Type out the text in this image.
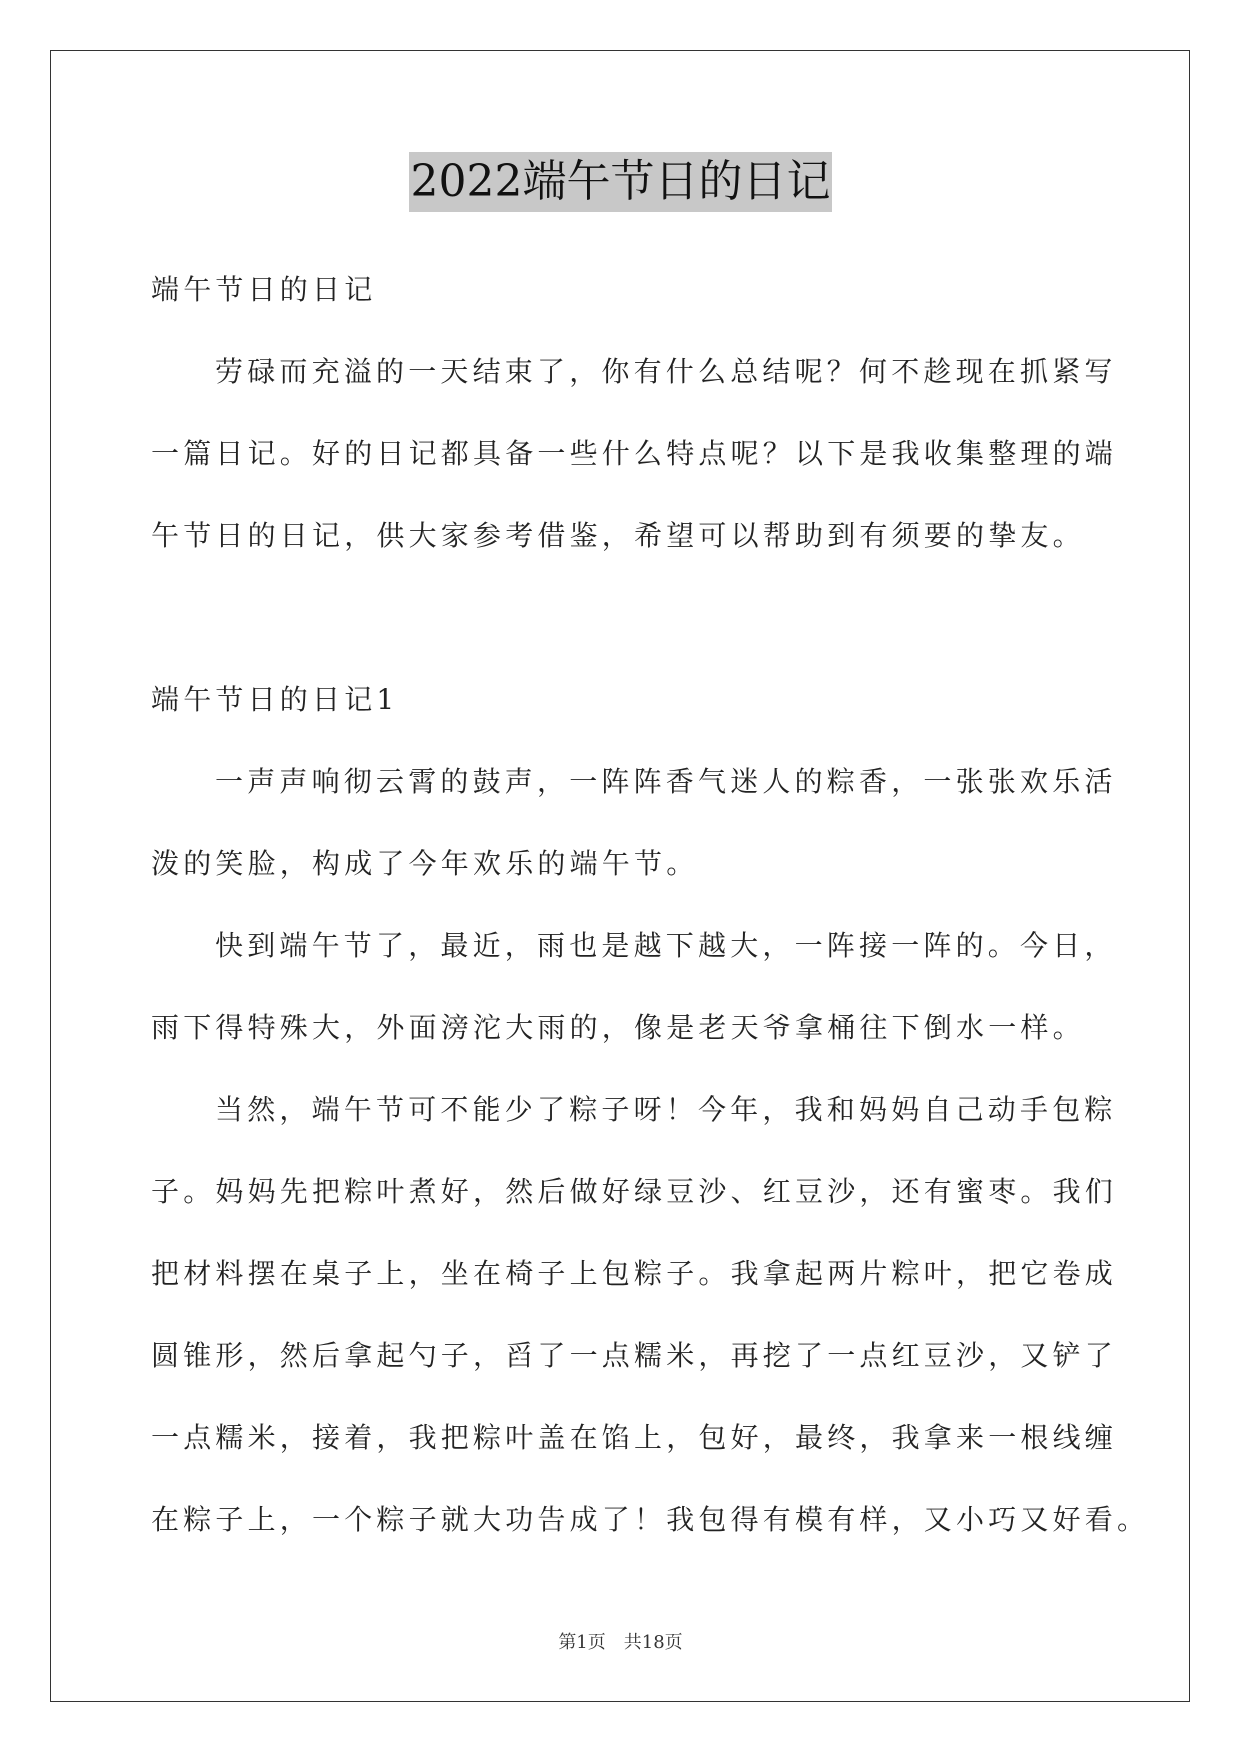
2022端午节日的日记
端午节日的日记
劳碌而充溢的一天结束了，你有什么总结呢？何不趁现在抓紧写
一篇日记。好的日记都具备一些什么特点呢？以下是我收集整理的端
午节日的日记，供大家参考借鉴，希望可以帮助到有须要的挚友。
端午节日的日记1
一声声响彻云霄的鼓声，一阵阵香气迷人的粽香，一张张欢乐活
泼的笑脸，构成了今年欢乐的端午节。
快到端午节了，最近，雨也是越下越大，一阵接一阵的。今日，
雨下得特殊大，外面滂沱大雨的，像是老天爷拿桶往下倒水一样。
当然，端午节可不能少了粽子呀！今年，我和妈妈自己动手包粽
子。妈妈先把粽叶煮好，然后做好绿豆沙、红豆沙，还有蜜枣。我们
把材料摆在桌子上，坐在椅子上包粽子。我拿起两片粽叶，把它卷成
圆锥形，然后拿起勺子，舀了一点糯米，再挖了一点红豆沙，又铲了
一点糯米，接着，我把粽叶盖在馅上，包好，最终，我拿来一根线缠
在粽子上，一个粽子就大功告成了！我包得有模有样，又小巧又好看。
第1页 共18页
